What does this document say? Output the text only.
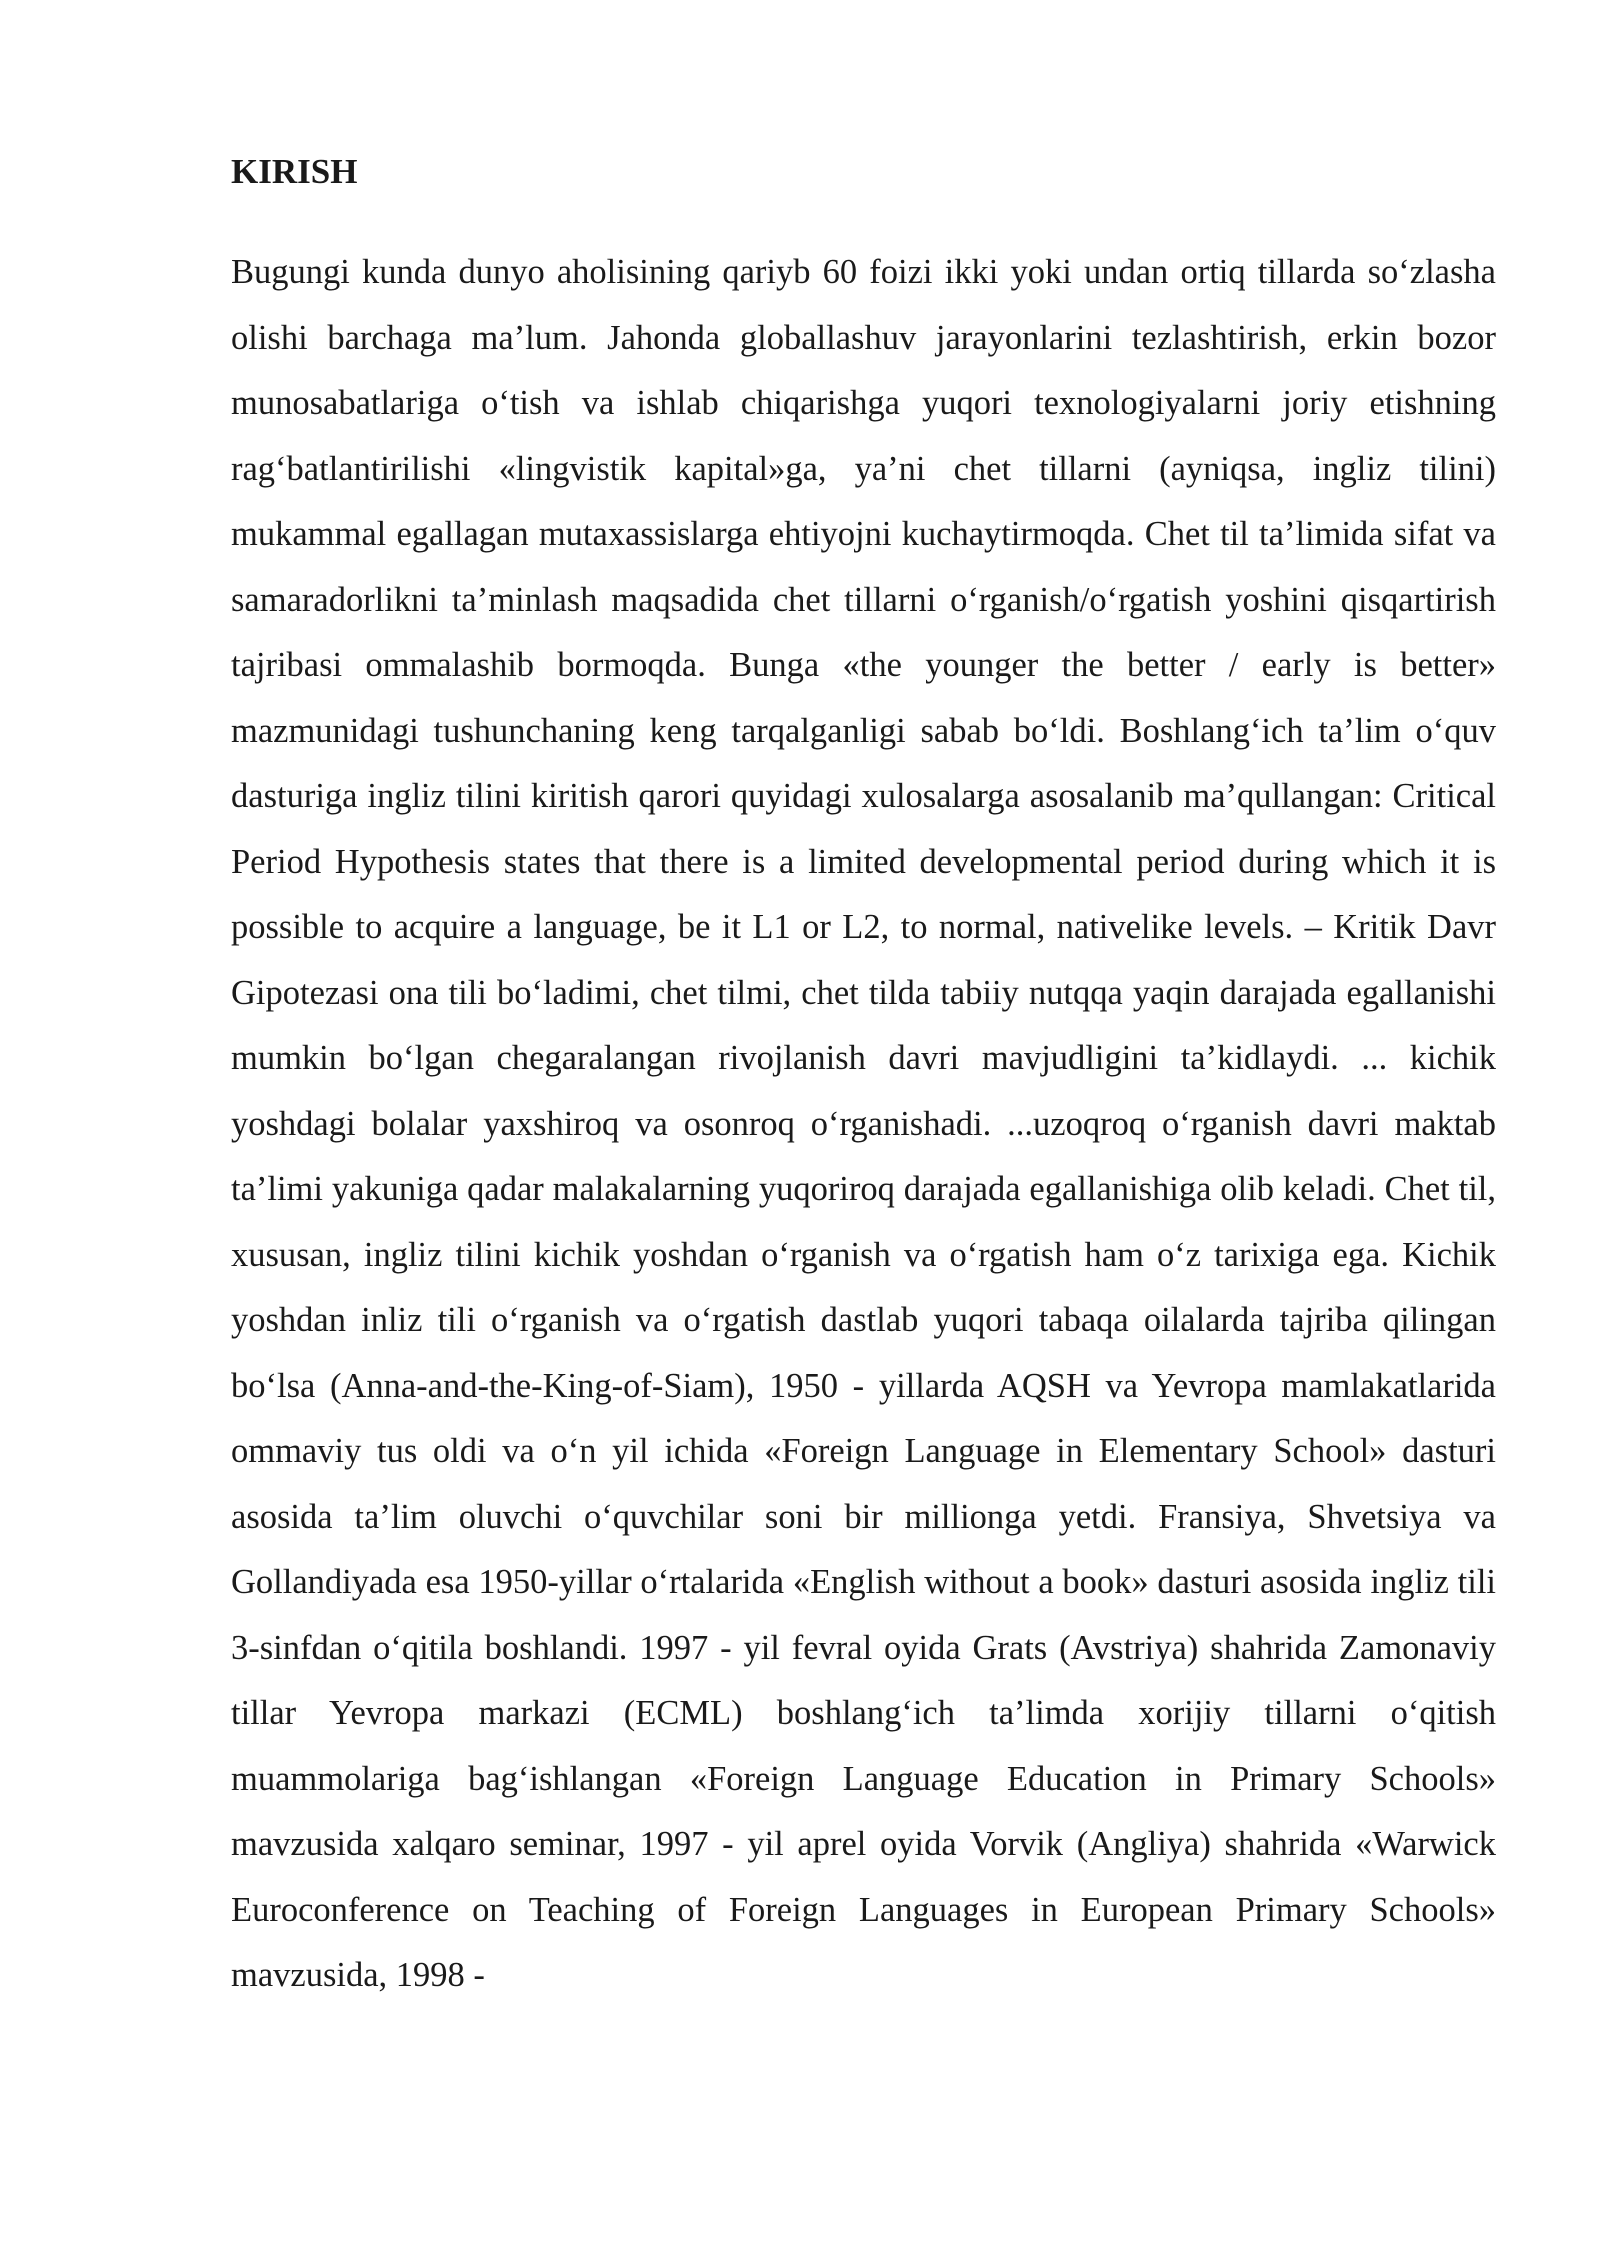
KIRISH

Bugungi kunda dunyo aholisining qariyb 60 foizi ikki yoki undan ortiq tillarda so‘zlasha olishi barchaga ma’lum. Jahonda globallashuv jarayonlarini tezlashtirish, erkin bozor munosabatlariga o‘tish va ishlab chiqarishga yuqori texnologiyalarni joriy etishning rag‘batlantirilishi «lingvistik kapital»ga, ya’ni chet tillarni (ayniqsa, ingliz tilini) mukammal egallagan mutaxassislarga ehtiyojni kuchaytirmoqda. Chet til ta’limida sifat va samaradorlikni ta’minlash maqsadida chet tillarni o‘rganish/o‘rgatish yoshini qisqartirish tajribasi ommalashib bormoqda. Bunga «the younger the better / early is better» mazmunidagi tushunchaning keng tarqalganligi sabab bo‘ldi. Boshlang‘ich ta’lim o‘quv dasturiga ingliz tilini kiritish qarori quyidagi xulosalarga asosalanib ma’qullangan: Critical Period Hypothesis states that there is a limited developmental period during which it is possible to acquire a language, be it L1 or L2, to normal, nativelike levels. – Kritik Davr Gipotezasi ona tili bo‘ladimi, chet tilmi, chet tilda tabiiy nutqqa yaqin darajada egallanishi mumkin bo‘lgan chegaralangan rivojlanish davri mavjudligini ta’kidlaydi. ... kichik yoshdagi bolalar yaxshiroq va osonroq o‘rganishadi. ...uzoqroq o‘rganish davri maktab ta’limi yakuniga qadar malakalarning yuqoriroq darajada egallanishiga olib keladi. Chet til, xususan, ingliz tilini kichik yoshdan o‘rganish va o‘rgatish ham o‘z tarixiga ega. Kichik yoshdan inliz tili o‘rganish va o‘rgatish dastlab yuqori tabaqa oilalarda tajriba qilingan bo‘lsa (Anna-and-the-King-of-Siam), 1950 - yillarda AQSH va Yevropa mamlakatlarida ommaviy tus oldi va o‘n yil ichida «Foreign Language in Elementary School» dasturi asosida ta’lim oluvchi o‘quvchilar soni bir millionga yetdi. Fransiya, Shvetsiya va Gollandiyada esa 1950-yillar o‘rtalarida «English without a book» dasturi asosida ingliz tili 3-sinfdan o‘qitila boshlandi. 1997 - yil fevral oyida Grats (Avstriya) shahrida Zamonaviy tillar Yevropa markazi (ECML) boshlang‘ich ta’limda xorijiy tillarni o‘qitish muammolariga bag‘ishlangan «Foreign Language Education in Primary Schools» mavzusida xalqaro seminar, 1997 - yil aprel oyida Vorvik (Angliya) shahrida «Warwick Euroconference on Teaching of Foreign Languages in European Primary Schools» mavzusida, 1998 -
